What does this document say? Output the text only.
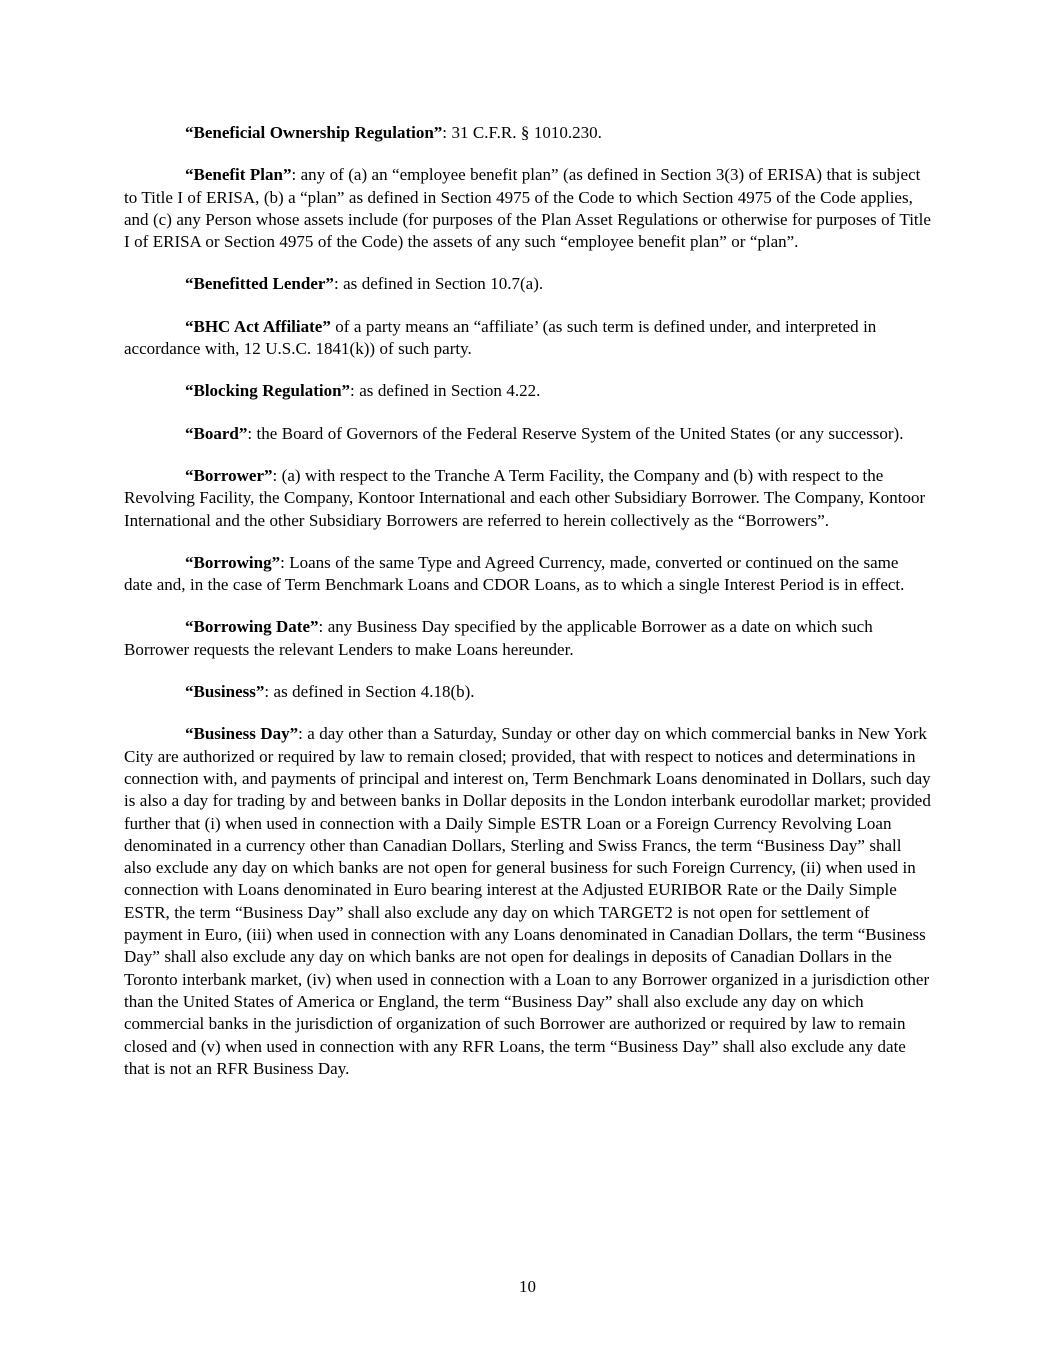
“Beneficial Ownership Regulation”: 31 C.F.R. § 1010.230.

“Benefit Plan”: any of (a) an “employee benefit plan” (as defined in Section 3(3) of ERISA) that is subject to Title I of ERISA, (b) a “plan” as defined in Section 4975 of the Code to which Section 4975 of the Code applies, and (c) any Person whose assets include (for purposes of the Plan Asset Regulations or otherwise for purposes of Title I of ERISA or Section 4975 of the Code) the assets of any such “employee benefit plan” or “plan”.

“Benefitted Lender”: as defined in Section 10.7(a).

“BHC Act Affiliate” of a party means an “affiliate’ (as such term is defined under, and interpreted in accordance with, 12 U.S.C. 1841(k)) of such party.

“Blocking Regulation”: as defined in Section 4.22.

“Board”: the Board of Governors of the Federal Reserve System of the United States (or any successor).

“Borrower”: (a) with respect to the Tranche A Term Facility, the Company and (b) with respect to the Revolving Facility, the Company, Kontoor International and each other Subsidiary Borrower. The Company, Kontoor International and the other Subsidiary Borrowers are referred to herein collectively as the “Borrowers”.

“Borrowing”: Loans of the same Type and Agreed Currency, made, converted or continued on the same date and, in the case of Term Benchmark Loans and CDOR Loans, as to which a single Interest Period is in effect.

“Borrowing Date”: any Business Day specified by the applicable Borrower as a date on which such Borrower requests the relevant Lenders to make Loans hereunder.

“Business”: as defined in Section 4.18(b).

“Business Day”: a day other than a Saturday, Sunday or other day on which commercial banks in New York City are authorized or required by law to remain closed; provided, that with respect to notices and determinations in connection with, and payments of principal and interest on, Term Benchmark Loans denominated in Dollars, such day is also a day for trading by and between banks in Dollar deposits in the London interbank eurodollar market; provided further that (i) when used in connection with a Daily Simple ESTR Loan or a Foreign Currency Revolving Loan denominated in a currency other than Canadian Dollars, Sterling and Swiss Francs, the term “Business Day” shall also exclude any day on which banks are not open for general business for such Foreign Currency, (ii) when used in connection with Loans denominated in Euro bearing interest at the Adjusted EURIBOR Rate or the Daily Simple ESTR, the term “Business Day” shall also exclude any day on which TARGET2 is not open for settlement of payment in Euro, (iii) when used in connection with any Loans denominated in Canadian Dollars, the term “Business Day” shall also exclude any day on which banks are not open for dealings in deposits of Canadian Dollars in the Toronto interbank market, (iv) when used in connection with a Loan to any Borrower organized in a jurisdiction other than the United States of America or England, the term “Business Day” shall also exclude any day on which commercial banks in the jurisdiction of organization of such Borrower are authorized or required by law to remain closed and (v) when used in connection with any RFR Loans, the term “Business Day” shall also exclude any date that is not an RFR Business Day.

10
